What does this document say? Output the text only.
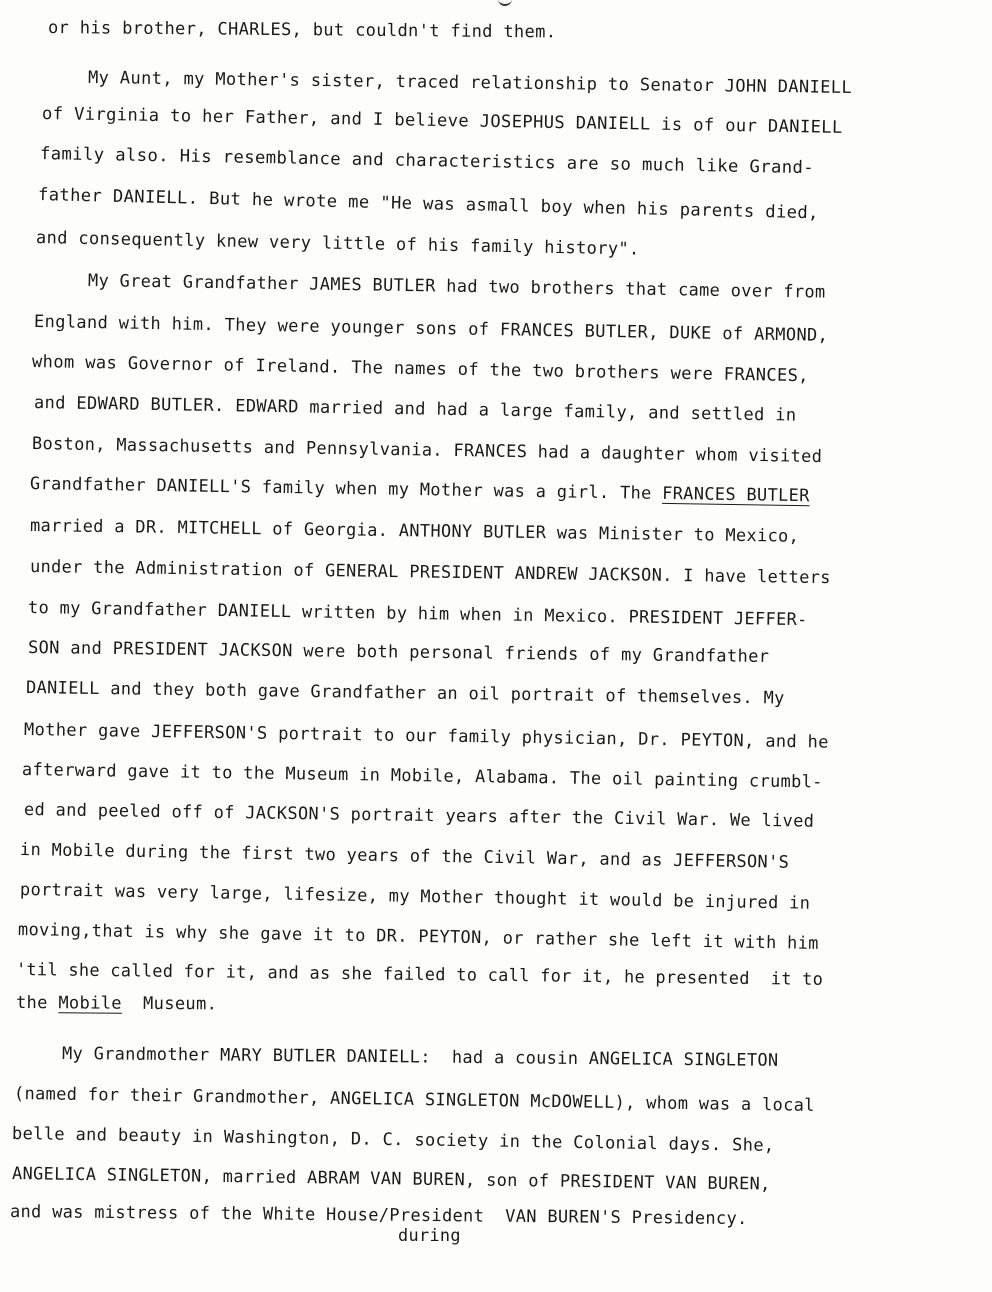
or his brother, CHARLES, but couldn't find them.
My Aunt, my Mother's sister, traced relationship to Senator JOHN DANIELL
of Virginia to her Father, and I believe JOSEPHUS DANIELL is of our DANIELL
family also. His resemblance and characteristics are so much like Grand-
father DANIELL. But he wrote me "He was asmall boy when his parents died,
and consequently knew very little of his family history".
My Great Grandfather JAMES BUTLER had two brothers that came over from
England with him. They were younger sons of FRANCES BUTLER, DUKE of ARMOND,
whom was Governor of Ireland. The names of the two brothers were FRANCES,
and EDWARD BUTLER. EDWARD married and had a large family, and settled in
Boston, Massachusetts and Pennsylvania. FRANCES had a daughter whom visited
Grandfather DANIELL'S family when my Mother was a girl. The FRANCES BUTLER
married a DR. MITCHELL of Georgia. ANTHONY BUTLER was Minister to Mexico,
under the Administration of GENERAL PRESIDENT ANDREW JACKSON. I have letters
to my Grandfather DANIELL written by him when in Mexico. PRESIDENT JEFFER-
SON and PRESIDENT JACKSON were both personal friends of my Grandfather
DANIELL and they both gave Grandfather an oil portrait of themselves. My
Mother gave JEFFERSON'S portrait to our family physician, Dr. PEYTON, and he
afterward gave it to the Museum in Mobile, Alabama. The oil painting crumbl-
ed and peeled off of JACKSON'S portrait years after the Civil War. We lived
in Mobile during the first two years of the Civil War, and as JEFFERSON'S
portrait was very large, lifesize, my Mother thought it would be injured in
moving,that is why she gave it to DR. PEYTON, or rather she left it with him
'til she called for it, and as she failed to call for it, he presented  it to
the Mobile  Museum.
My Grandmother MARY BUTLER DANIELL:  had a cousin ANGELICA SINGLETON
(named for their Grandmother, ANGELICA SINGLETON McDOWELL), whom was a local
belle and beauty in Washington, D. C. society in the Colonial days. She,
ANGELICA SINGLETON, married ABRAM VAN BUREN, son of PRESIDENT VAN BUREN,
and was mistress of the White House/President  VAN BUREN'S Presidency.
during
